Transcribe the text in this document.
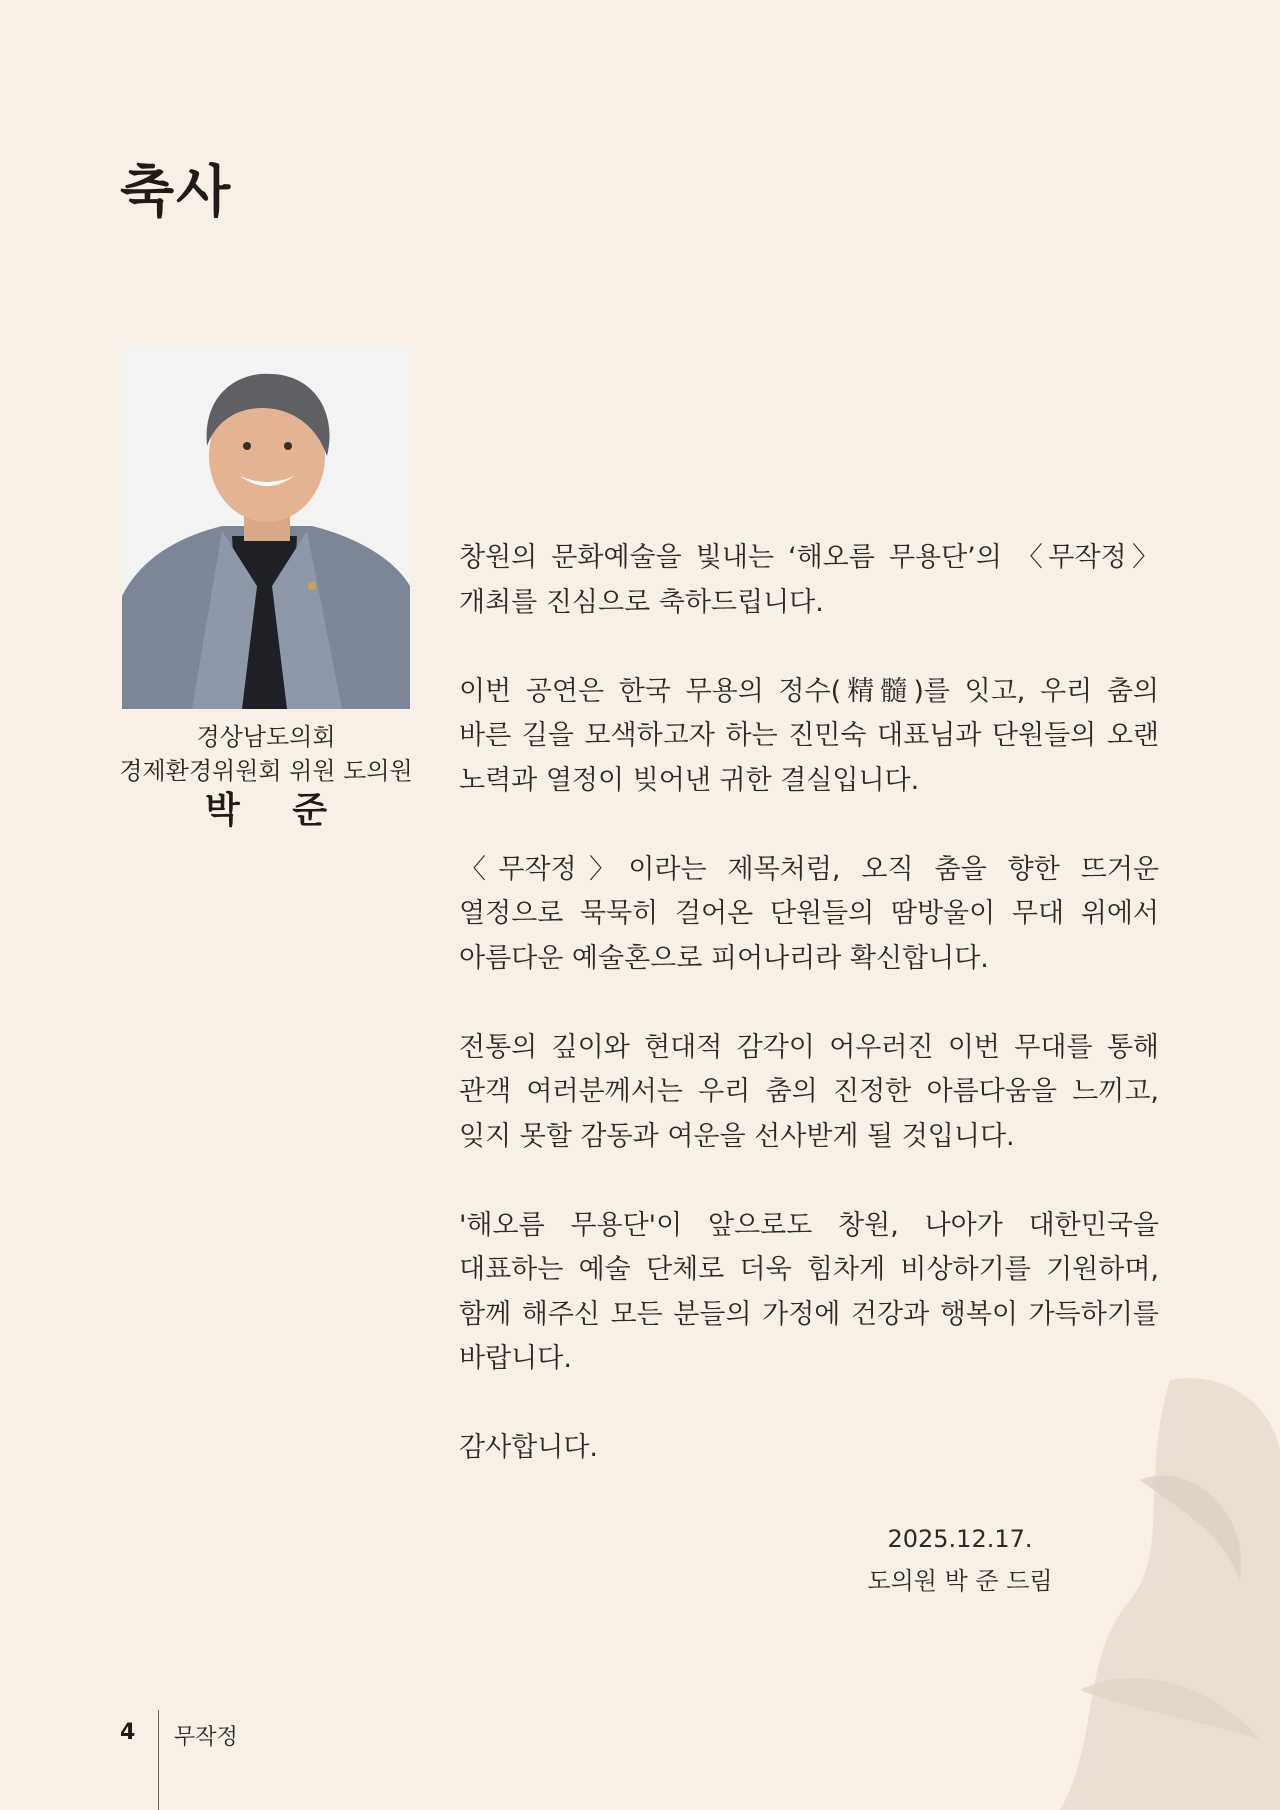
축사
경상남도의회
경제환경위원회 위원 도의원
박 준

창원의 문화예술을 빛내는 ‘해오름 무용단’의 〈무작정〉 개최를 진심으로 축하드립니다.

이번 공연은 한국 무용의 정수(精髓)를 잇고, 우리 춤의 바른 길을 모색하고자 하는 진민숙 대표님과 단원들의 오랜 노력과 열정이 빚어낸 귀한 결실입니다.

〈무작정〉이라는 제목처럼, 오직 춤을 향한 뜨거운 열정으로 묵묵히 걸어온 단원들의 땀방울이 무대 위에서 아름다운 예술혼으로 피어나리라 확신합니다.

전통의 깊이와 현대적 감각이 어우러진 이번 무대를 통해 관객 여러분께서는 우리 춤의 진정한 아름다움을 느끼고, 잊지 못할 감동과 여운을 선사받게 될 것입니다.

'해오름 무용단'이 앞으로도 창원, 나아가 대한민국을 대표하는 예술 단체로 더욱 힘차게 비상하기를 기원하며, 함께 해주신 모든 분들의 가정에 건강과 행복이 가득하기를 바랍니다.

감사합니다.

2025.12.17.
도의원 박 준 드림
4 무작정
